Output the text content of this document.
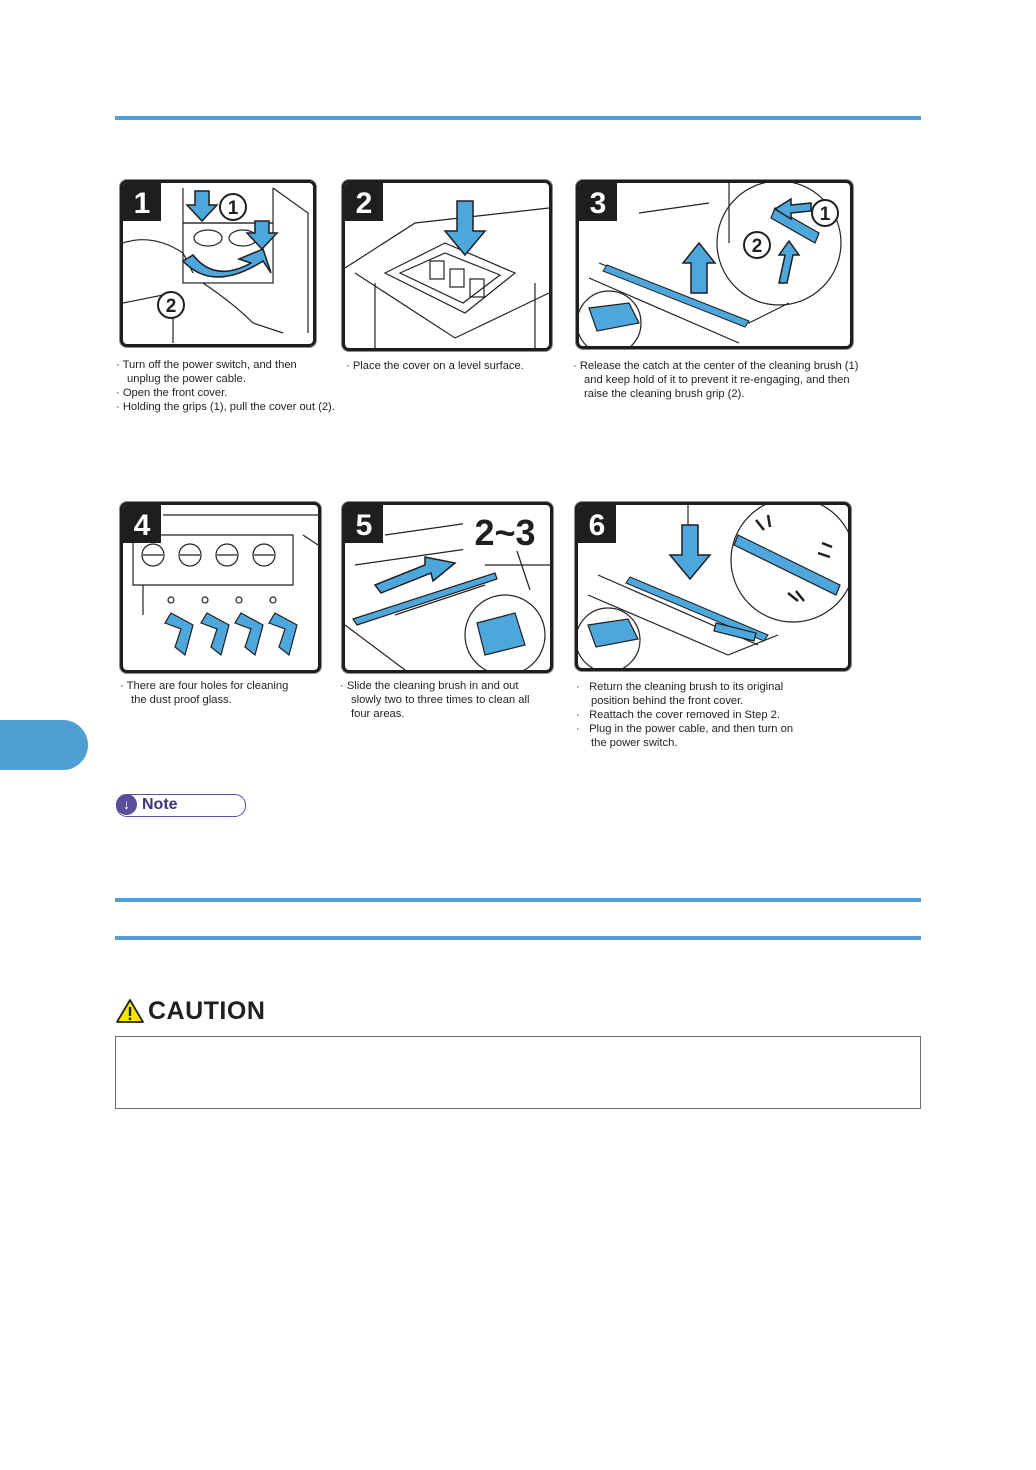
1	1
2
2	3	1
2
4	5	2~3 6
· Turn off the power switch, and then
unplug the power cable.
· Open the front cover.
· Holding the grips (1), pull the cover out (2).
· Place the cover on a level surface.	· Release the catch at the center of the cleaning brush (1)
and keep hold of it to prevent it re-engaging, and then
raise the cleaning brush grip (2).
· There are four holes for cleaning
the dust proof glass.
· Slide the cleaning brush in and out
slowly two to three times to clean all
four areas.
·   Return the cleaning brush to its original
position behind the front cover.
·   Reattach the cover removed in Step 2.
·   Plug in the power cable, and then turn on
the power switch.
↓ Note
CAUTION
